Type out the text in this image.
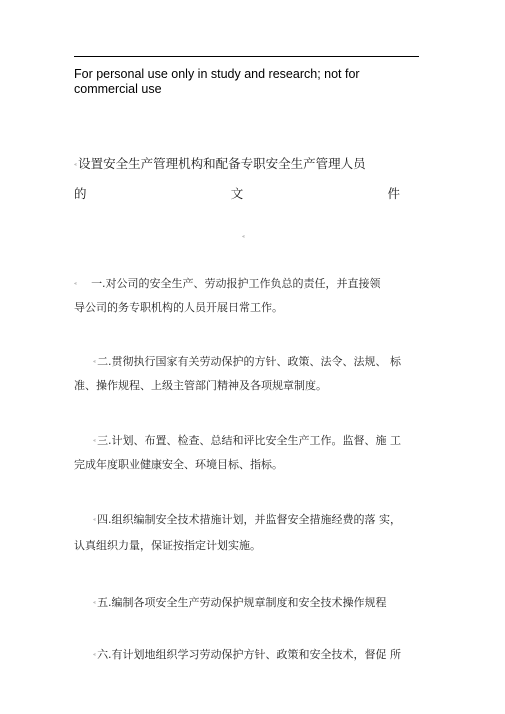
For personal use only in study and research; not for commercial use
«设置安全生产管理机构和配备专职安全生产管理人员
的	文	件
«
« 一.对公司的安全生产、劳动报护工作负总的责任，并直接领
导公司的务专职机构的人员开展日常工作。
«二.贯彻执行国家有关劳动保护的方针、政策、法令、法规、 标
准、操作规程、上级主管部门精神及各项规章制度。
«三.计划、布置、检查、总结和评比安全生产工作。监督、施 工
完成年度职业健康安全、环境目标、指标。
«四.组织编制安全技术措施计划，并监督安全措施经费的落 实，
认真组织力量，保证按指定计划实施。
«五.编制各项安全生产劳动保护规章制度和安全技术操作规程
«六.有计划地组织学习劳动保护方针、政策和安全技术，督促 所
